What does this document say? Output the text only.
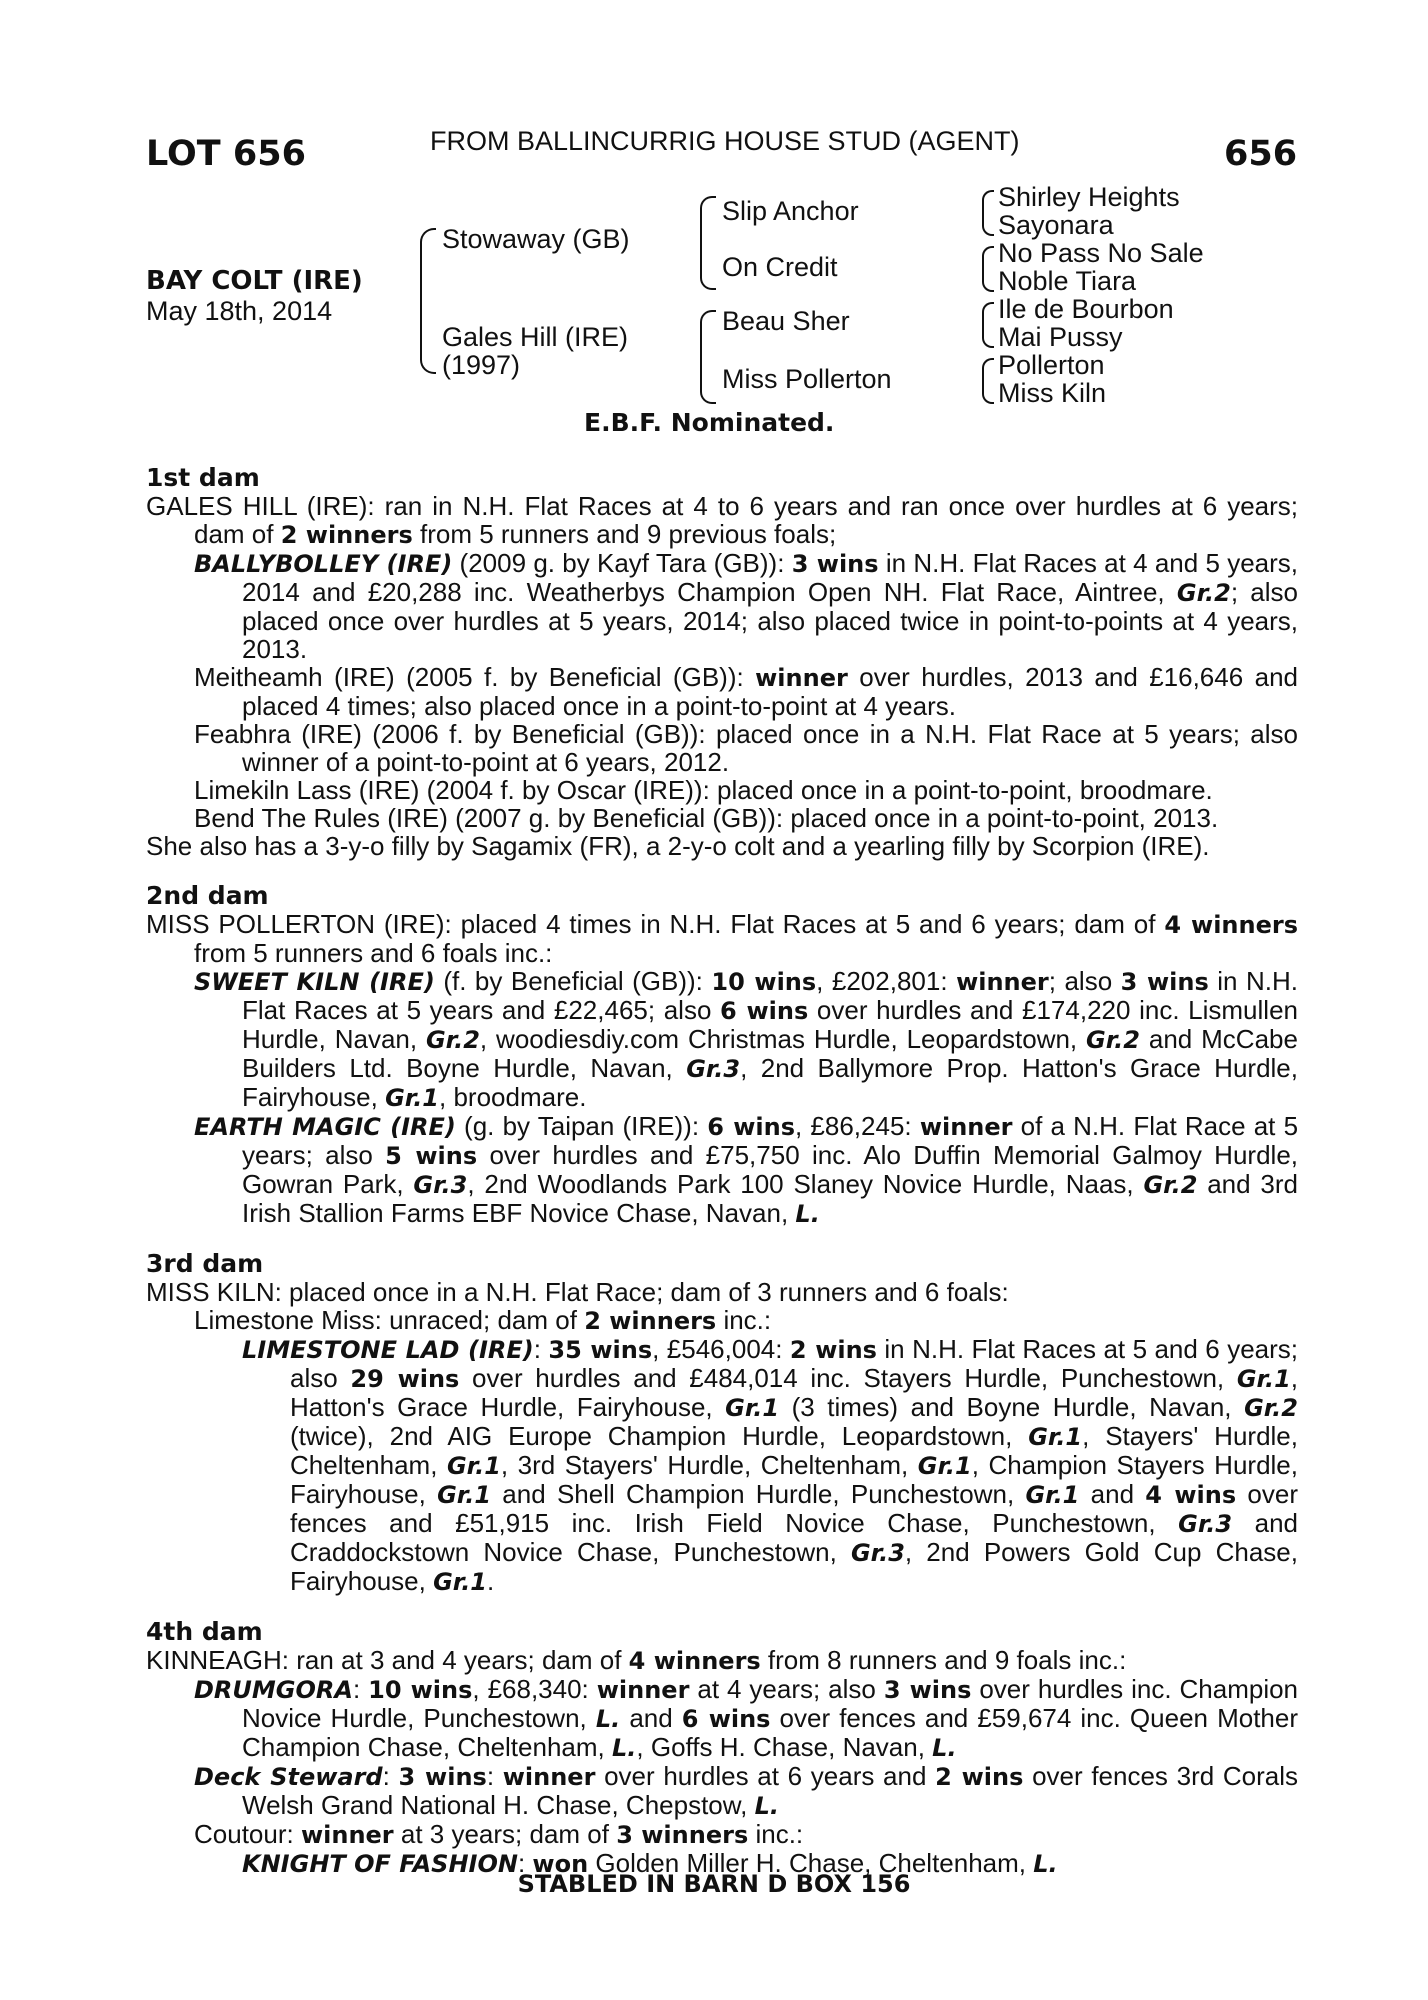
LOT 656	FROM BALLINCURRIG HOUSE STUD (AGENT)	656
BAY COLT (IRE)
May 18th, 2014
Stowaway (GB)
Gales Hill (IRE)
(1997)
Slip Anchor
On Credit
Beau Sher
Miss Pollerton
Shirley Heights
Sayonara
No Pass No Sale
Noble Tiara
Ile de Bourbon
Mai Pussy
Pollerton
Miss Kiln
E.B.F. Nominated.
1st dam
GALES HILL (IRE): ran in N.H. Flat Races at 4 to 6 years and ran once over hurdles at 6 years; dam of 2 winners from 5 runners and 9 previous foals;
BALLYBOLLEY (IRE) (2009 g. by Kayf Tara (GB)): 3 wins in N.H. Flat Races at 4 and 5 years, 2014 and £20,288 inc. Weatherbys Champion Open NH. Flat Race, Aintree, Gr.2; also placed once over hurdles at 5 years, 2014; also placed twice in point-to-points at 4 years, 2013.
Meitheamh (IRE) (2005 f. by Beneficial (GB)): winner over hurdles, 2013 and £16,646 and placed 4 times; also placed once in a point-to-point at 4 years.
Feabhra (IRE) (2006 f. by Beneficial (GB)): placed once in a N.H. Flat Race at 5 years; also winner of a point-to-point at 6 years, 2012.
Limekiln Lass (IRE) (2004 f. by Oscar (IRE)): placed once in a point-to-point, broodmare.
Bend The Rules (IRE) (2007 g. by Beneficial (GB)): placed once in a point-to-point, 2013.
She also has a 3-y-o filly by Sagamix (FR), a 2-y-o colt and a yearling filly by Scorpion (IRE).
2nd dam
MISS POLLERTON (IRE): placed 4 times in N.H. Flat Races at 5 and 6 years; dam of 4 winners from 5 runners and 6 foals inc.:
SWEET KILN (IRE) (f. by Beneficial (GB)): 10 wins, £202,801: winner; also 3 wins in N.H. Flat Races at 5 years and £22,465; also 6 wins over hurdles and £174,220 inc. Lismullen Hurdle, Navan, Gr.2, woodiesdiy.com Christmas Hurdle, Leopardstown, Gr.2 and McCabe Builders Ltd. Boyne Hurdle, Navan, Gr.3, 2nd Ballymore Prop. Hatton's Grace Hurdle, Fairyhouse, Gr.1, broodmare.
EARTH MAGIC (IRE) (g. by Taipan (IRE)): 6 wins, £86,245: winner of a N.H. Flat Race at 5 years; also 5 wins over hurdles and £75,750 inc. Alo Duffin Memorial Galmoy Hurdle, Gowran Park, Gr.3, 2nd Woodlands Park 100 Slaney Novice Hurdle, Naas, Gr.2 and 3rd Irish Stallion Farms EBF Novice Chase, Navan, L.
3rd dam
MISS KILN: placed once in a N.H. Flat Race; dam of 3 runners and 6 foals:
Limestone Miss: unraced; dam of 2 winners inc.:
LIMESTONE LAD (IRE): 35 wins, £546,004: 2 wins in N.H. Flat Races at 5 and 6 years; also 29 wins over hurdles and £484,014 inc. Stayers Hurdle, Punchestown, Gr.1, Hatton's Grace Hurdle, Fairyhouse, Gr.1 (3 times) and Boyne Hurdle, Navan, Gr.2 (twice), 2nd AIG Europe Champion Hurdle, Leopardstown, Gr.1, Stayers' Hurdle, Cheltenham, Gr.1, 3rd Stayers' Hurdle, Cheltenham, Gr.1, Champion Stayers Hurdle, Fairyhouse, Gr.1 and Shell Champion Hurdle, Punchestown, Gr.1 and 4 wins over fences and £51,915 inc. Irish Field Novice Chase, Punchestown, Gr.3 and Craddockstown Novice Chase, Punchestown, Gr.3, 2nd Powers Gold Cup Chase, Fairyhouse, Gr.1.
4th dam
KINNEAGH: ran at 3 and 4 years; dam of 4 winners from 8 runners and 9 foals inc.:
DRUMGORA: 10 wins, £68,340: winner at 4 years; also 3 wins over hurdles inc. Champion Novice Hurdle, Punchestown, L. and 6 wins over fences and £59,674 inc. Queen Mother Champion Chase, Cheltenham, L., Goffs H. Chase, Navan, L.
Deck Steward: 3 wins: winner over hurdles at 6 years and 2 wins over fences 3rd Corals Welsh Grand National H. Chase, Chepstow, L.
Coutour: winner at 3 years; dam of 3 winners inc.:
KNIGHT OF FASHION: won Golden Miller H. Chase, Cheltenham, L.
STABLED IN BARN D BOX 156
